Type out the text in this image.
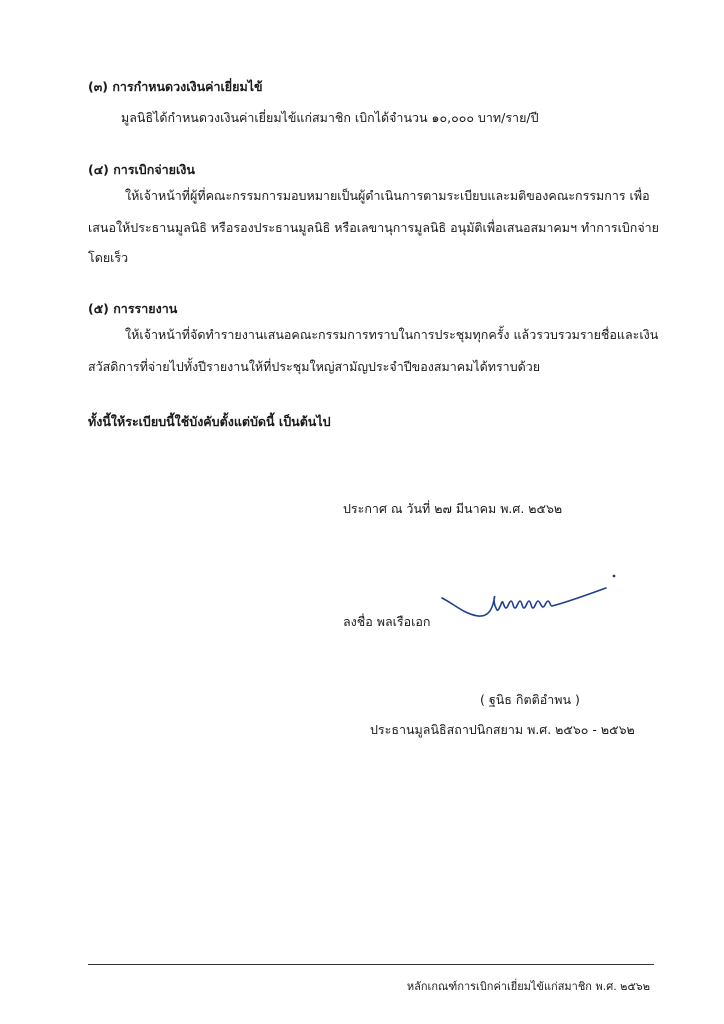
(๓) การกำหนดวงเงินค่าเยี่ยมไข้
มูลนิธิได้กำหนดวงเงินค่าเยี่ยมไข้แก่สมาชิก เบิกได้จำนวน ๑๐,๐๐๐ บาท/ราย/ปี
(๔) การเบิกจ่ายเงิน
ให้เจ้าหน้าที่ผู้ที่คณะกรรมการมอบหมายเป็นผู้ดำเนินการตามระเบียบและมติของคณะกรรมการ เพื่อ
เสนอให้ประธานมูลนิธิ หรือรองประธานมูลนิธิ หรือเลขานุการมูลนิธิ อนุมัติเพื่อเสนอสมาคมฯ ทำการเบิกจ่าย
โดยเร็ว
(๕) การรายงาน
ให้เจ้าหน้าที่จัดทำรายงานเสนอคณะกรรมการทราบในการประชุมทุกครั้ง แล้วรวบรวมรายชื่อและเงิน
สวัสดิการที่จ่ายไปทั้งปีรายงานให้ที่ประชุมใหญ่สามัญประจำปีของสมาคมได้ทราบด้วย
ทั้งนี้ให้ระเบียบนี้ใช้บังคับตั้งแต่บัดนี้ เป็นต้นไป
ประกาศ ณ วันที่ ๒๗ มีนาคม พ.ศ. ๒๕๖๒
ลงชื่อ พลเรือเอก
( ฐนิธ กิตติอำพน )
ประธานมูลนิธิสถาปนิกสยาม พ.ศ. ๒๕๖๐ - ๒๕๖๒
หลักเกณฑ์การเบิกค่าเยี่ยมไข้แก่สมาชิก พ.ศ. ๒๕๖๒
